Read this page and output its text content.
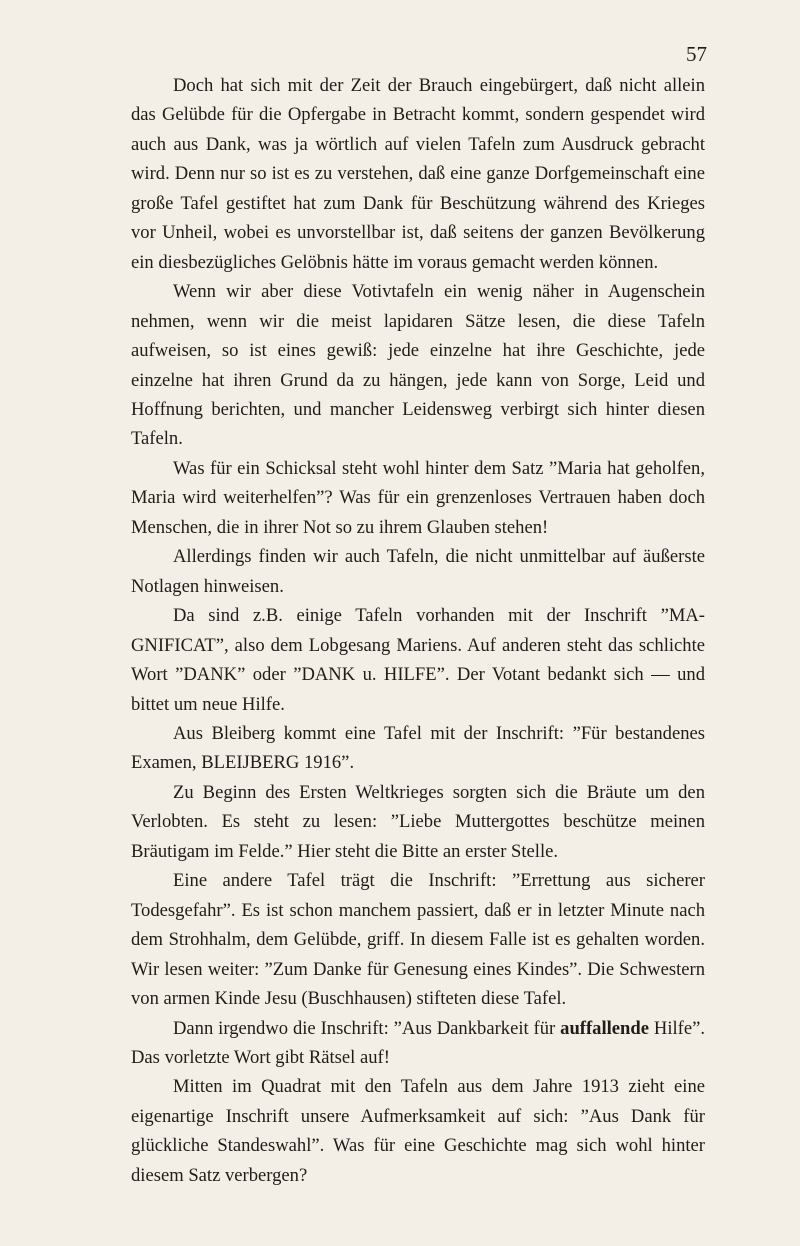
57

Doch hat sich mit der Zeit der Brauch eingebürgert, daß nicht allein das Gelübde für die Opfergabe in Betracht kommt, sondern gespendet wird auch aus Dank, was ja wörtlich auf vielen Tafeln zum Ausdruck gebracht wird. Denn nur so ist es zu verstehen, daß eine ganze Dorfgemeinschaft eine große Tafel gestiftet hat zum Dank für Beschützung während des Krieges vor Unheil, wobei es unvorstellbar ist, daß seitens der ganzen Bevölkerung ein diesbezügliches Gelöbnis hätte im voraus gemacht werden können.

Wenn wir aber diese Votivtafeln ein wenig näher in Augenschein nehmen, wenn wir die meist lapidaren Sätze lesen, die diese Tafeln aufweisen, so ist eines gewiß: jede einzelne hat ihre Geschichte, jede einzelne hat ihren Grund da zu hängen, jede kann von Sorge, Leid und Hoffnung berichten, und mancher Leidensweg verbirgt sich hinter diesen Tafeln.

Was für ein Schicksal steht wohl hinter dem Satz ”Maria hat geholfen, Maria wird weiterhelfen”? Was für ein grenzenloses Vertrauen haben doch Menschen, die in ihrer Not so zu ihrem Glauben stehen!

Allerdings finden wir auch Tafeln, die nicht unmittelbar auf äußerste Notlagen hinweisen.

Da sind z.B. einige Tafeln vorhanden mit der Inschrift ”MAGNIFICAT”, also dem Lobgesang Mariens. Auf anderen steht das schlichte Wort ”DANK” oder ”DANK u. HILFE”. Der Votant bedankt sich — und bittet um neue Hilfe.

Aus Bleiberg kommt eine Tafel mit der Inschrift: ”Für bestandenes Examen, BLEIJBERG 1916”.

Zu Beginn des Ersten Weltkrieges sorgten sich die Bräute um den Verlobten. Es steht zu lesen: ”Liebe Muttergottes beschütze meinen Bräutigam im Felde.” Hier steht die Bitte an erster Stelle.

Eine andere Tafel trägt die Inschrift: ”Errettung aus sicherer Todesgefahr”. Es ist schon manchem passiert, daß er in letzter Minute nach dem Strohhalm, dem Gelübde, griff. In diesem Falle ist es gehalten worden. Wir lesen weiter: ”Zum Danke für Genesung eines Kindes”. Die Schwestern von armen Kinde Jesu (Buschhausen) stifteten diese Tafel.

Dann irgendwo die Inschrift: ”Aus Dankbarkeit für auffallende Hilfe”. Das vorletzte Wort gibt Rätsel auf!

Mitten im Quadrat mit den Tafeln aus dem Jahre 1913 zieht eine eigenartige Inschrift unsere Aufmerksamkeit auf sich: ”Aus Dank für glückliche Standeswahl”. Was für eine Geschichte mag sich wohl hinter diesem Satz verbergen?
